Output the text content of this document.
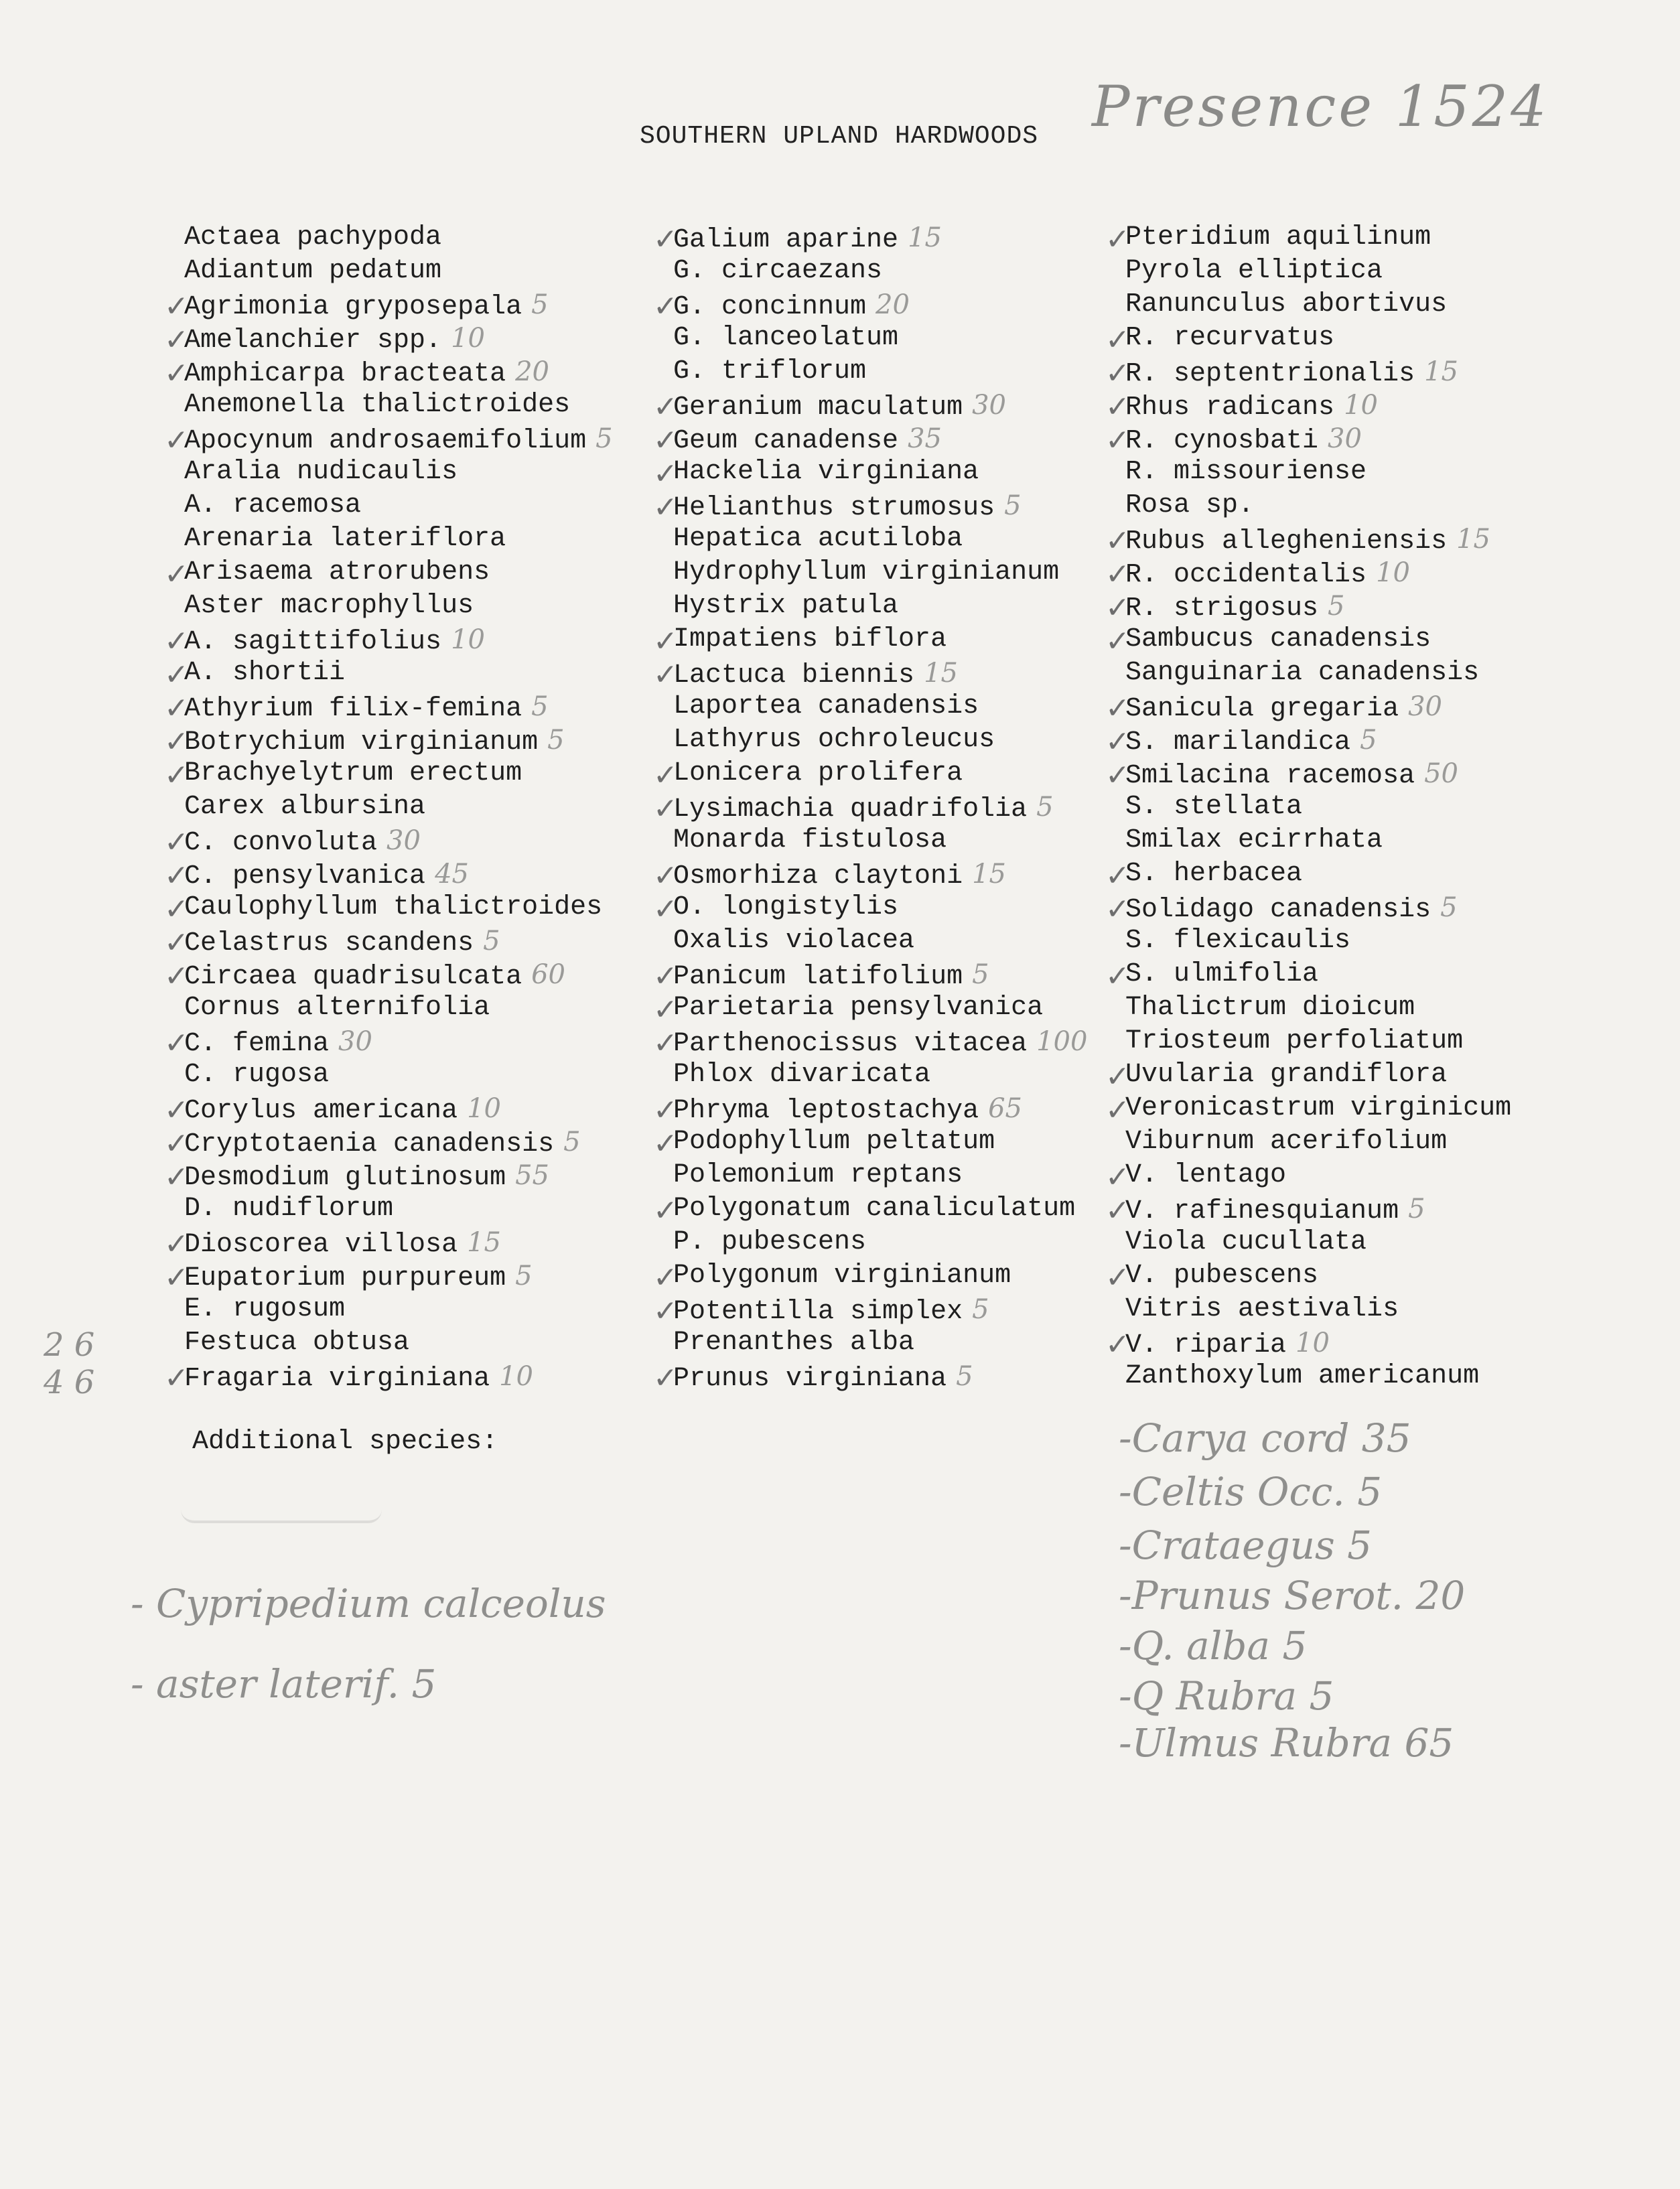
SOUTHERN UPLAND HARDWOODS Presence 1524
Actaea pachypoda
Adiantum pedatum
✓
Agrimonia gryposepala 5
✓
Amelanchier spp. 10
✓
Amphicarpa bracteata 20
Anemonella thalictroides
✓
Apocynum androsaemifolium 5
Aralia nudicaulis
A. racemosa
Arenaria lateriflora
✓
Arisaema atrorubens
Aster macrophyllus
✓
A. sagittifolius 10
✓
A. shortii
✓
Athyrium filix-femina 5
✓
Botrychium virginianum 5
✓
Brachyelytrum erectum
Carex albursina
✓
C. convoluta 30
✓
C. pensylvanica 45
✓
Caulophyllum thalictroides
✓
Celastrus scandens 5
✓
Circaea quadrisulcata 60
Cornus alternifolia
✓
C. femina 30
C. rugosa
✓
Corylus americana 10
✓
Cryptotaenia canadensis 5
✓
Desmodium glutinosum 55
D. nudiflorum
✓
Dioscorea villosa 15
✓
Eupatorium purpureum 5
E. rugosum
Festuca obtusa
✓
Fragaria virginiana 10
✓
Galium aparine 15
G. circaezans
✓
G. concinnum 20
G. lanceolatum
G. triflorum
✓
Geranium maculatum 30
✓
Geum canadense 35
✓
Hackelia virginiana
✓
Helianthus strumosus 5
Hepatica acutiloba
Hydrophyllum virginianum
Hystrix patula
✓
Impatiens biflora
✓
Lactuca biennis 15
Laportea canadensis
Lathyrus ochroleucus
✓
Lonicera prolifera
✓
Lysimachia quadrifolia 5
Monarda fistulosa
✓
Osmorhiza claytoni 15
✓
O. longistylis
Oxalis violacea
✓
Panicum latifolium 5
✓
Parietaria pensylvanica
✓
Parthenocissus vitacea 100
Phlox divaricata
✓
Phryma leptostachya 65
✓
Podophyllum peltatum
Polemonium reptans
✓
Polygonatum canaliculatum
P. pubescens
✓
Polygonum virginianum
✓
Potentilla simplex 5
Prenanthes alba
✓
Prunus virginiana 5
✓
Pteridium aquilinum
Pyrola elliptica
Ranunculus abortivus
✓
R. recurvatus
✓
R. septentrionalis 15
✓
Rhus radicans 10
✓
R. cynosbati 30
R. missouriense
Rosa sp.
✓
Rubus allegheniensis 15
✓
R. occidentalis 10
✓
R. strigosus 5
✓
Sambucus canadensis
Sanguinaria canadensis
✓
Sanicula gregaria 30
✓
S. marilandica 5
✓
Smilacina racemosa 50
S. stellata
Smilax ecirrhata
✓
S. herbacea
✓
Solidago canadensis 5
S. flexicaulis
✓
S. ulmifolia
Thalictrum dioicum
Triosteum perfoliatum
✓
Uvularia grandiflora
✓
Veronicastrum virginicum
Viburnum acerifolium
✓
V. lentago
✓
V. rafinesquianum 5
Viola cucullata
✓
V. pubescens
Vitris aestivalis
✓
V. riparia 10
Zanthoxylum americanum
2 6 4 6
Additional species:
- Cypripedium calceolus
- aster laterif. 5
-Carya cord 35
-Celtis Occ. 5
-Crataegus 5
-Prunus Serot. 20
-Q. alba 5
-Q Rubra 5
-Ulmus Rubra 65
